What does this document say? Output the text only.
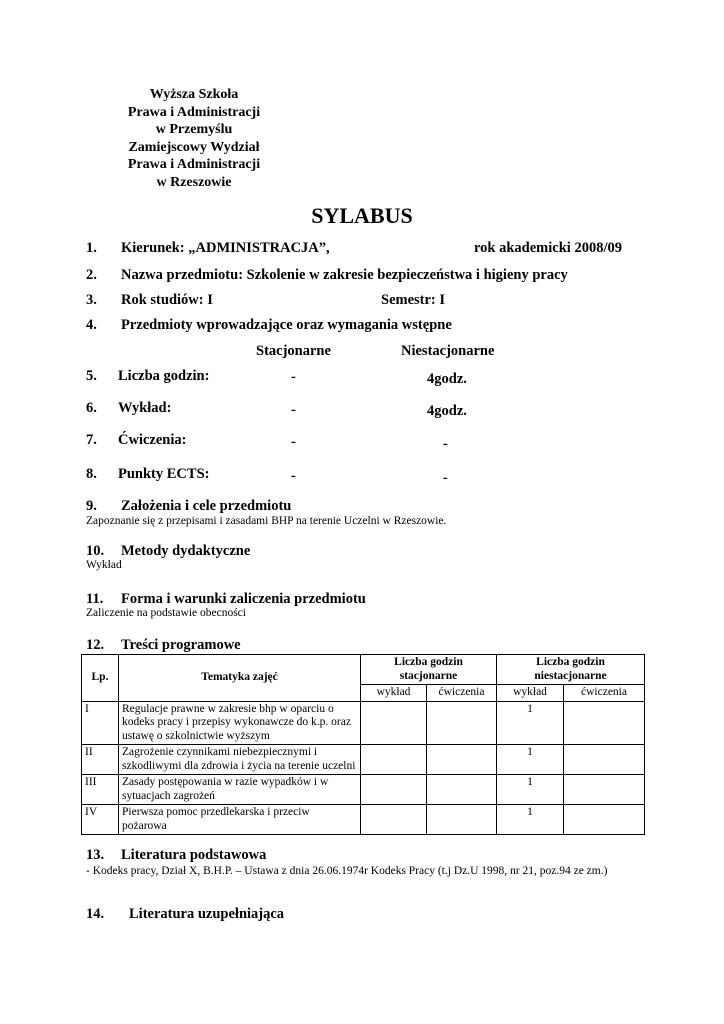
Wyższa Szkoła
Prawa i Administracji
w Przemyślu
Zamiejscowy Wydział
Prawa i Administracji
w Rzeszowie
SYLABUS
1. Kierunek: „ADMINISTRACJA”,	rok akademicki 2008/09
2. Nazwa przedmiotu: Szkolenie w zakresie bezpieczeństwa i higieny pracy
3. Rok studiów: I	Semestr: I
4. Przedmioty wprowadzające oraz wymagania wstępne
Stacjonarne	Niestacjonarne
5. Liczba godzin:	-	4godz.
6. Wykład:	-	4godz.
7. Ćwiczenia:	-	-
8. Punkty ECTS:	-	-
9. Założenia i cele przedmiotu
Zapoznanie się z przepisami i zasadami BHP na terenie Uczelni w Rzeszowie.
10. Metody dydaktyczne
Wykład
11. Forma i warunki zaliczenia przedmiotu
Zaliczenie na podstawie obecności
12. Treści programowe
Lp.	Tematyka zajęć	Liczba godzin stacjonarne		Liczba godzin niestacjonarne	
		wykład	ćwiczenia	wykład	ćwiczenia
I	Regulacje prawne w zakresie bhp w oparciu o kodeks pracy i przepisy wykonawcze do k.p. oraz ustawę o szkolnictwie wyższym			1	
II	Zagrożenie czynnikami niebezpiecznymi i szkodliwymi dla zdrowia i życia na terenie uczelni			1	
III	Zasady postępowania w razie wypadków i w sytuacjach zagrożeń			1	
IV	Pierwsza pomoc przedlekarska i przeciw pożarowa			1	
13. Literatura podstawowa
- Kodeks pracy, Dział X, B.H.P. – Ustawa z dnia 26.06.1974r Kodeks Pracy (t.j Dz.U 1998, nr 21, poz.94 ze zm.)
14. Literatura uzupełniająca
